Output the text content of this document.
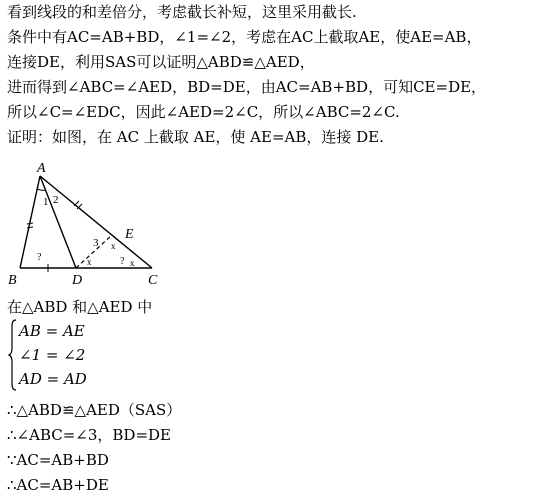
看到线段的和差倍分，考虑截长补短，这里采用截长.
条件中有AC=AB+BD，∠1=∠2，考虑在AC上截取AE，使AE=AB，
连接DE，利用SAS可以证明△ABD≌△AED，
进而得到∠ABC=∠AED，BD=DE，由AC=AB+BD，可知CE=DE，
所以∠C=∠EDC，因此∠AED=2∠C，所以∠ABC=2∠C.
证明：如图，在 AC 上截取 AE，使 AE=AB，连接 DE.
A
B	D	C
E
1 2
3
?	?
x	x
x
在△ABD 和△AED 中
AB = AE
∠1 = ∠2
AD = AD
∴△ABD≌△AED（SAS）
∴∠ABC=∠3，BD=DE
∵AC=AB+BD
∴AC=AB+DE
